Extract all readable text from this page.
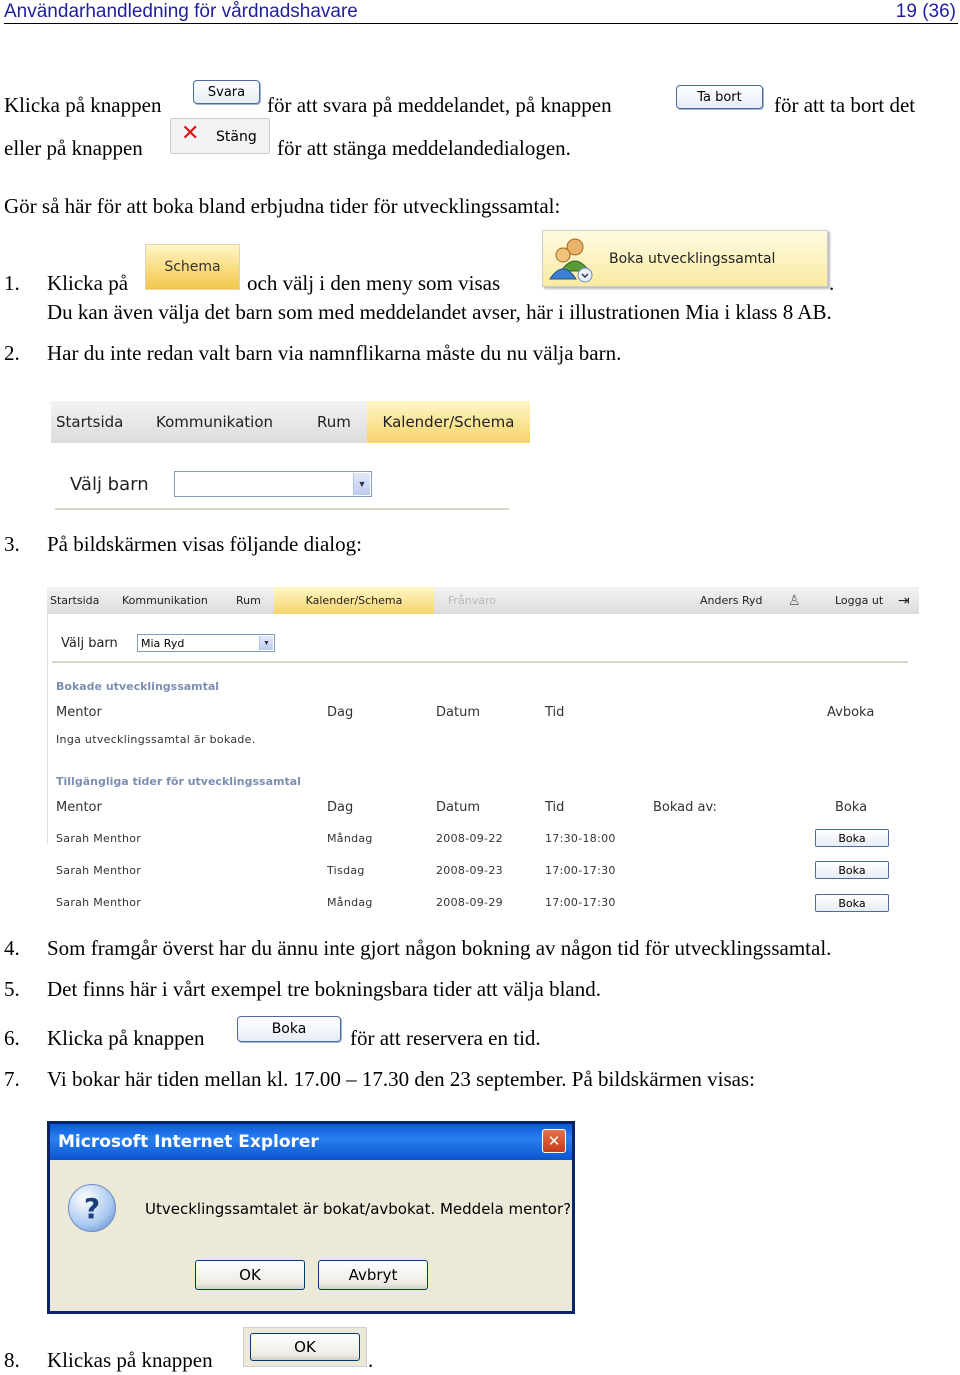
Användarhandledning för vårdnadshavare	19 (36)
Klicka på knappen
Svara
för att svara på meddelandet, på knappen	Ta bort	för att ta bort det
eller på knappen
✕ Stäng för att stänga meddelandedialogen.
Gör så här för att boka bland erbjudna tider för utvecklingssamtal:
1. Klicka på
Schema
och välj i den meny som visas
Boka utvecklingssamtal
.
Du kan även välja det barn som med meddelandet avser, här i illustrationen Mia i klass 8 AB.
2. Har du inte redan valt barn via namnflikarna måste du nu välja barn.
Startsida Kommunikation	Rum	Kalender/Schema
Välj barn	▼
3. På bildskärmen visas följande dialog:
Startsida Kommunikation	Rum	Kalender/Schema	Frånvaro	Anders Ryd ♙	Logga ut ⇥
Välj barn Mia Ryd	▼
Bokade utvecklingssamtal
Mentor	Dag	Datum	Tid	Avboka
Inga utvecklingssamtal är bokade.
Tillgängliga tider för utvecklingssamtal
Mentor	Dag	Datum	Tid	Bokad av:	Boka
Sarah Menthor	Måndag	2008-09-22	17:30-18:00	Boka
Sarah Menthor	Tisdag	2008-09-23	17:00-17:30	Boka
Sarah Menthor	Måndag	2008-09-29	17:00-17:30	Boka
4. Som framgår överst har du ännu inte gjort någon bokning av någon tid för utvecklingssamtal.
5. Det finns här i vårt exempel tre bokningsbara tider att välja bland.
6. Klicka på knappen	Boka	för att reservera en tid.
7. Vi bokar här tiden mellan kl. 17.00 – 17.30 den 23 september. På bildskärmen visas:
Microsoft Internet Explorer	✕
?	Utvecklingssamtalet är bokat/avbokat. Meddela mentor?
OK	Avbryt
8. Klickas på knappen
OK
.
